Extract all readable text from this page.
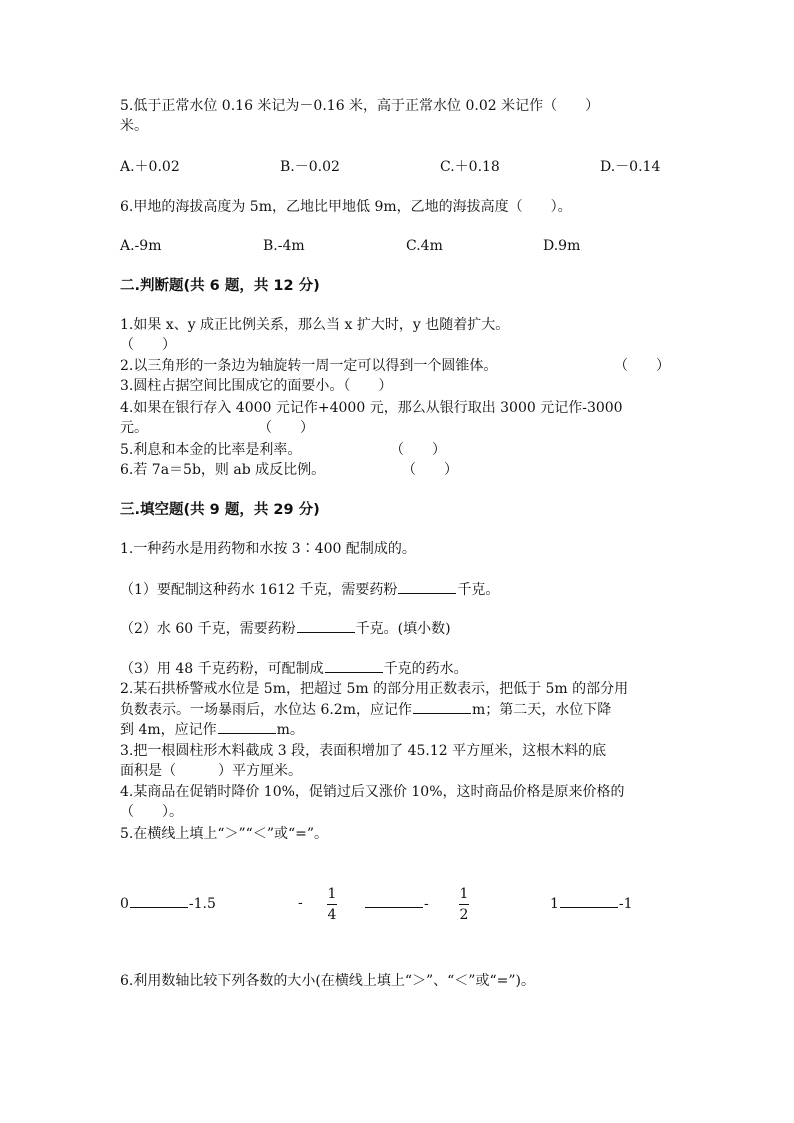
5.低于正常水位 0.16 米记为－0.16 米，高于正常水位 0.02 米记作（　　）
米。
A.＋0.02	B.－0.02	C.＋0.18	D.－0.14
6.甲地的海拔高度为 5m，乙地比甲地低 9m，乙地的海拔高度（　　）。
A.-9m	B.-4m	C.4m	D.9m
二.判断题(共 6 题，共 12 分)
1.如果 x、y 成正比例关系，那么当 x 扩大时，y 也随着扩大。
（　　）
2.以三角形的一条边为轴旋转一周一定可以得到一个圆锥体。	（　　）
3.圆柱占据空间比围成它的面要小。（　　）
4.如果在银行存入 4000 元记作+4000 元，那么从银行取出 3000 元记作-3000
元。	（　　）
5.利息和本金的比率是利率。	（　　）
6.若 7a＝5b，则 ab 成反比例。	（　　）
三.填空题(共 9 题，共 29 分)
1.一种药水是用药物和水按 3∶400 配制成的。
（1）要配制这种药水 1612 千克，需要药粉	千克。
（2）水 60 千克，需要药粉	千克。(填小数)
（3）用 48 千克药粉，可配制成	千克的药水。
2.某石拱桥警戒水位是 5m，把超过 5m 的部分用正数表示，把低于 5m 的部分用
负数表示。一场暴雨后，水位达 6.2m，应记作	m；第二天，水位下降
到 4m，应记作	m。
3.把一根圆柱形木料截成 3 段，表面积增加了 45.12 平方厘米，这根木料的底
面积是（　　　）平方厘米。
4.某商品在促销时降价 10%，促销过后又涨价 10%，这时商品价格是原来价格的
（　　）。
5.在横线上填上“＞”“＜”或“=”。
0	-1.5	-
1
4
-
1
2
1	-1
6.利用数轴比较下列各数的大小(在横线上填上“＞”、“＜”或“=”)。
